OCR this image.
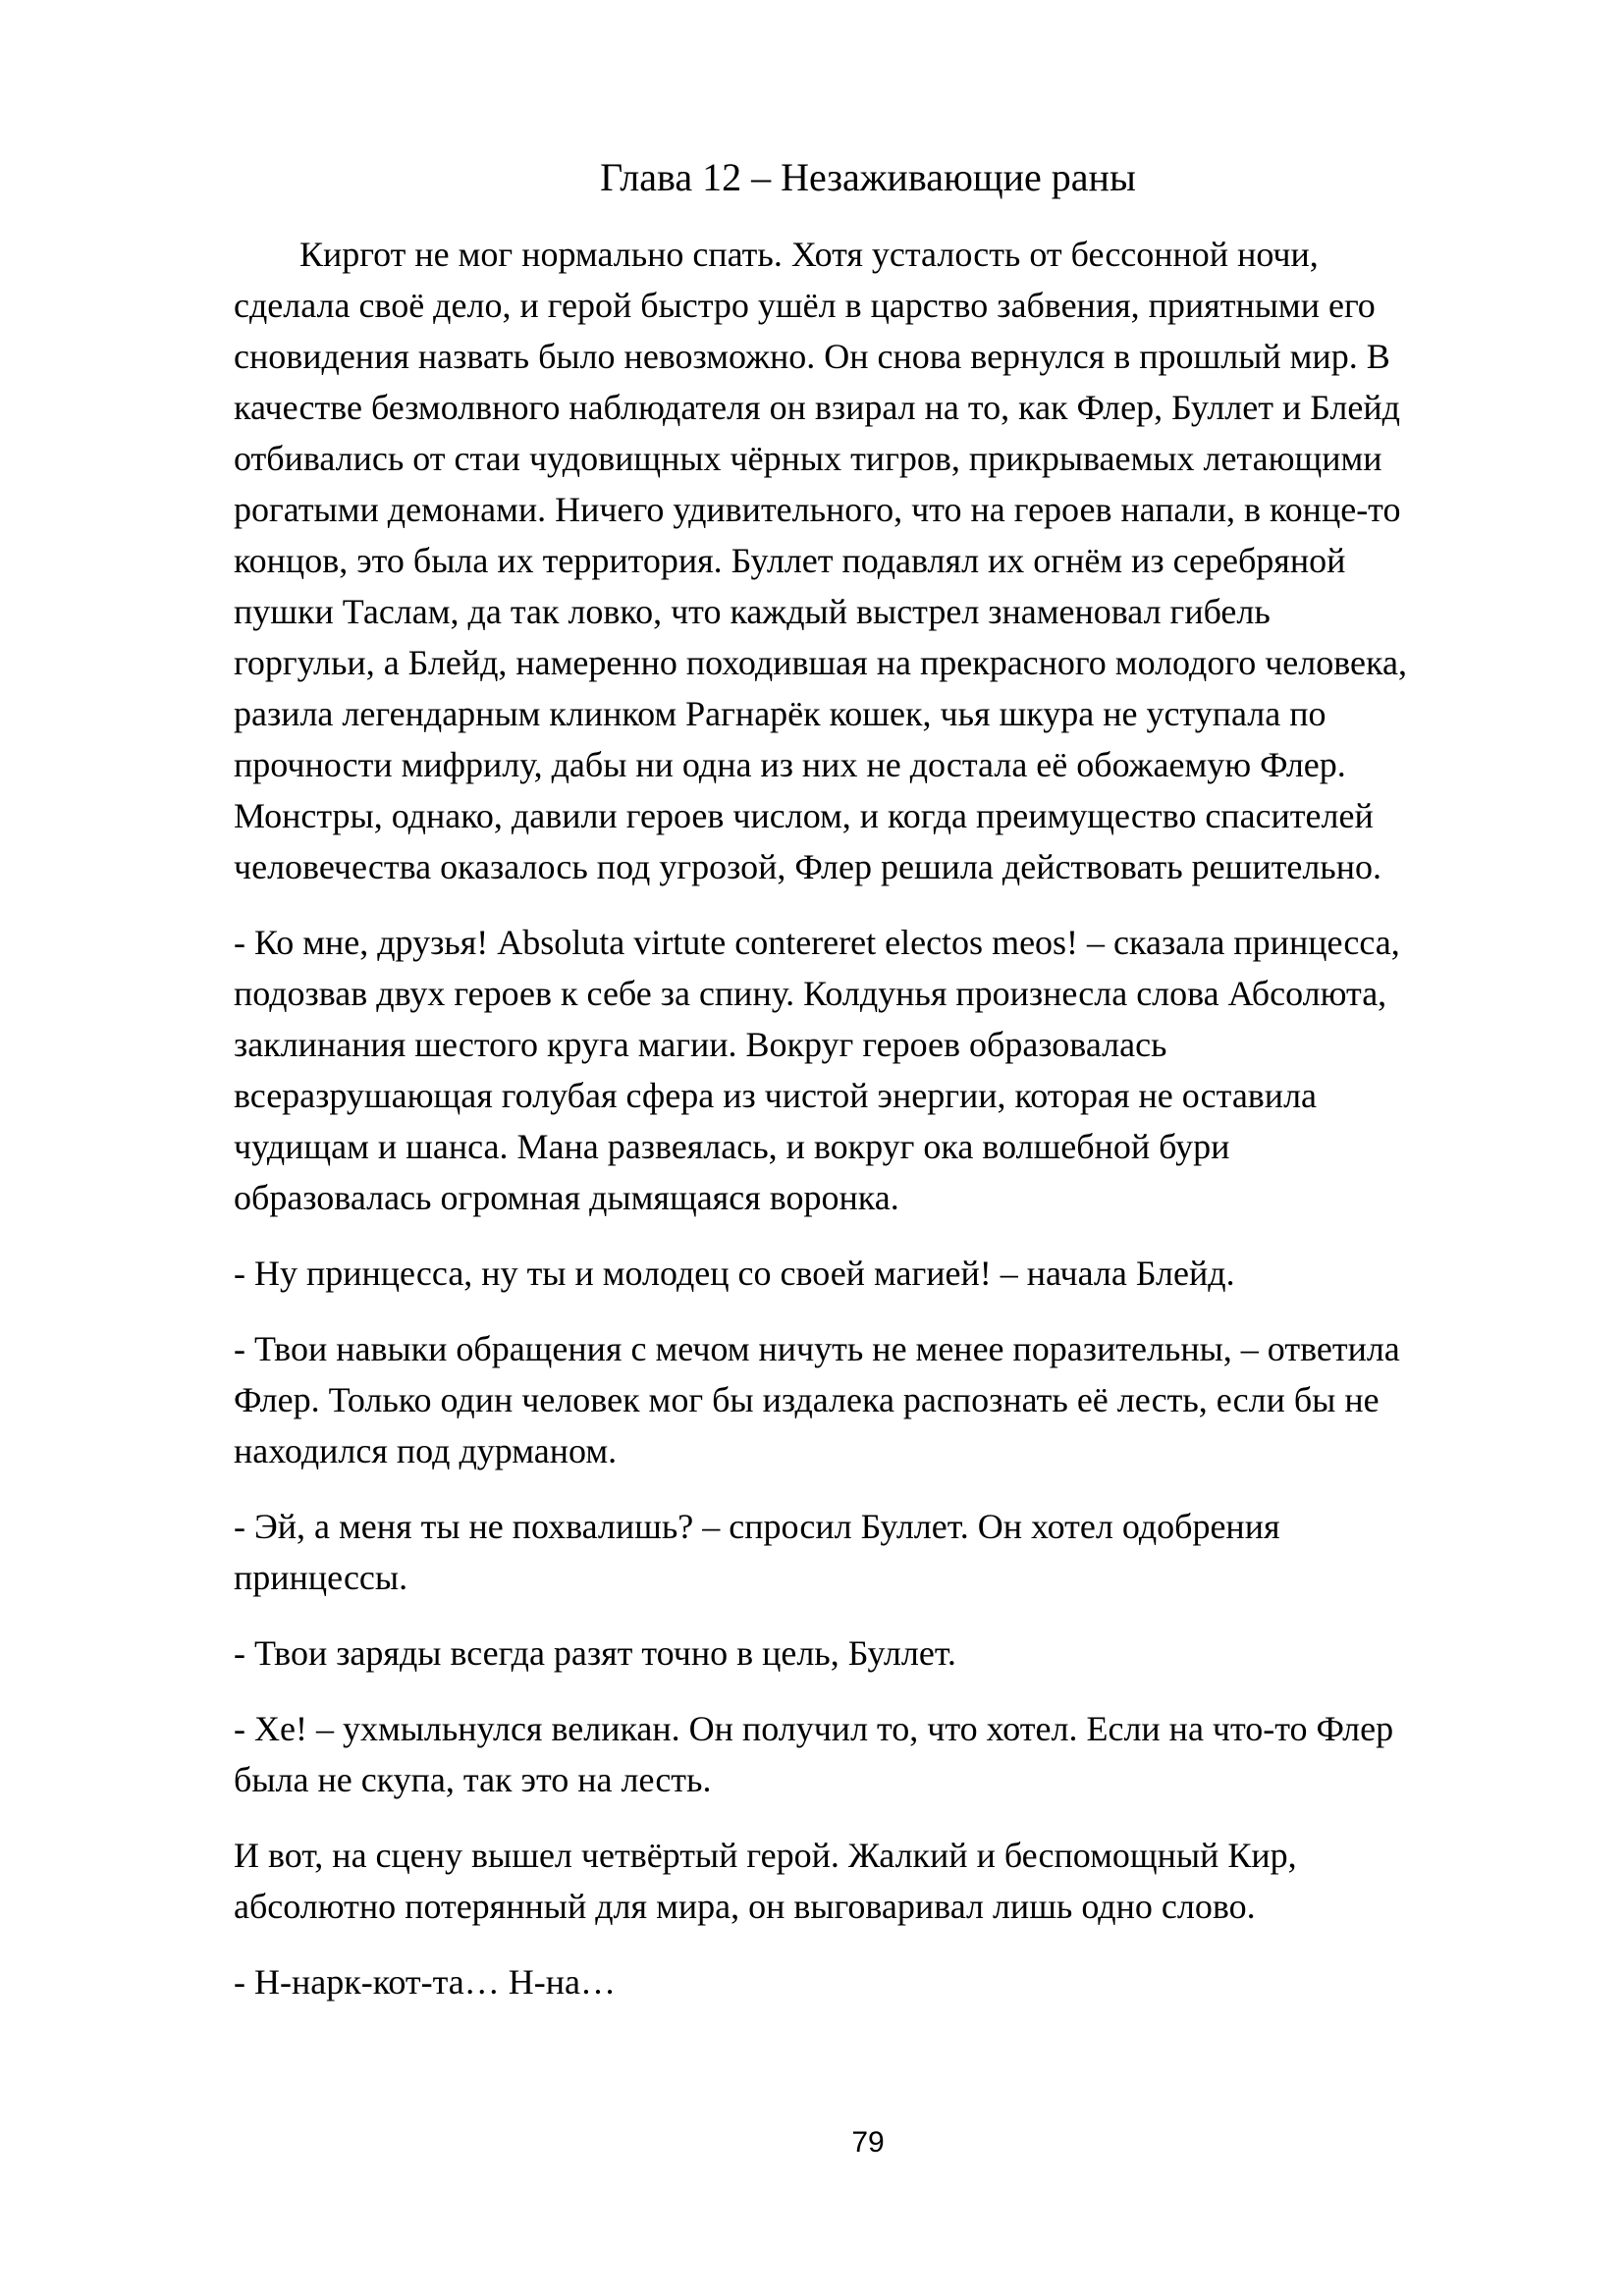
Глава 12 – Незаживающие раны
Киргот не мог нормально спать. Хотя усталость от бессонной ночи,
сделала своё дело, и герой быстро ушёл в царство забвения, приятными его
сновидения назвать было невозможно. Он снова вернулся в прошлый мир. В
качестве безмолвного наблюдателя он взирал на то, как Флер, Буллет и Блейд
отбивались от стаи чудовищных чёрных тигров, прикрываемых летающими
рогатыми демонами. Ничего удивительного, что на героев напали, в конце-то
концов, это была их территория. Буллет подавлял их огнём из серебряной
пушки Таслам, да так ловко, что каждый выстрел знаменовал гибель
горгульи, а Блейд, намеренно походившая на прекрасного молодого человека,
разила легендарным клинком Рагнарёк кошек, чья шкура не уступала по
прочности мифрилу, дабы ни одна из них не достала её обожаемую Флер.
Монстры, однако, давили героев числом, и когда преимущество спасителей
человечества оказалось под угрозой, Флер решила действовать решительно.
- Ко мне, друзья! Absoluta virtute contereret electos meos! – сказала принцесса,
подозвав двух героев к себе за спину. Колдунья произнесла слова Абсолюта,
заклинания шестого круга магии. Вокруг героев образовалась
всеразрушающая голубая сфера из чистой энергии, которая не оставила
чудищам и шанса. Мана развеялась, и вокруг ока волшебной бури
образовалась огромная дымящаяся воронка.
- Ну принцесса, ну ты и молодец со своей магией! – начала Блейд.
- Твои навыки обращения с мечом ничуть не менее поразительны, – ответила
Флер. Только один человек мог бы издалека распознать её лесть, если бы не
находился под дурманом.
- Эй, а меня ты не похвалишь? – спросил Буллет. Он хотел одобрения
принцессы.
- Твои заряды всегда разят точно в цель, Буллет.
- Хе! – ухмыльнулся великан. Он получил то, что хотел. Если на что-то Флер
была не скупа, так это на лесть.
И вот, на сцену вышел четвёртый герой. Жалкий и беспомощный Кир,
абсолютно потерянный для мира, он выговаривал лишь одно слово.
- Н-нарк-кот-та… Н-на…
79
